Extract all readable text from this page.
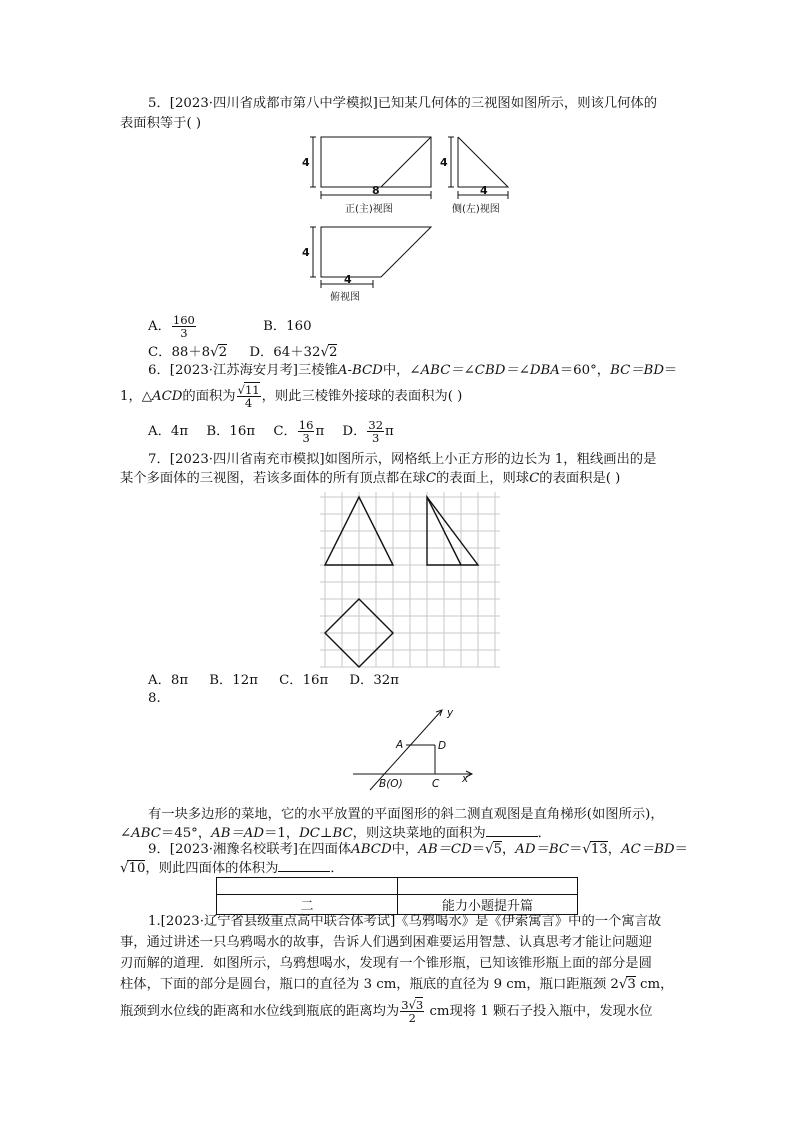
5．[2023·四川省成都市第八中学模拟]已知某几何体的三视图如图所示，则该几何体的
表面积等于( )
4
8
4
4
4
4
正(主)视图	侧(左)视图
俯视图
A． $\frac{160}{3}$	B．160
C．88＋8√2 D．64＋32√2
6．[2023·江苏海安月考]三棱锥A-BCD中，∠ABC＝∠CBD＝∠DBA＝60°，BC＝BD＝
1，△ACD的面积为 $\frac{√11}{4}$ ，则此三棱锥外接球的表面积为( )
A．4π B．16π C． $\frac{16}{3}$ π D． $\frac{32}{3}$ π
7．[2023·四川省南充市模拟]如图所示，网格纸上小正方形的边长为 1，粗线画出的是
某个多面体的三视图，若该多面体的所有顶点都在球C的表面上，则球C的表面积是( )
A．8π     B．12π     C．16π     D．32π
8.
y
x
A	D
C
B(O)
有一块多边形的菜地，它的水平放置的平面图形的斜二测直观图是直角梯形(如图所示)，
∠ABC＝45°，AB＝AD＝1，DC⊥BC，则这块菜地的面积为	．
9．[2023·湘豫名校联考]在四面体ABCD中，AB＝CD＝√5，AD＝BC＝√13，AC＝BD＝
√10，则此四面体的体积为	．

二	能力小题提升篇
1.[2023·辽宁省县级重点高中联合体考试]《乌鸦喝水》是《伊索寓言》中的一个寓言故
事，通过讲述一只乌鸦喝水的故事，告诉人们遇到困难要运用智慧、认真思考才能让问题迎
刃而解的道理．如图所示，乌鸦想喝水，发现有一个锥形瓶，已知该锥形瓶上面的部分是圆
柱体，下面的部分是圆台，瓶口的直径为 3 cm，瓶底的直径为 9 cm，瓶口距瓶颈 2√3 cm，
瓶颈到水位线的距离和水位线到瓶底的距离均为 $\frac{3√3}{2}$ cm现将 1 颗石子投入瓶中，发现水位
